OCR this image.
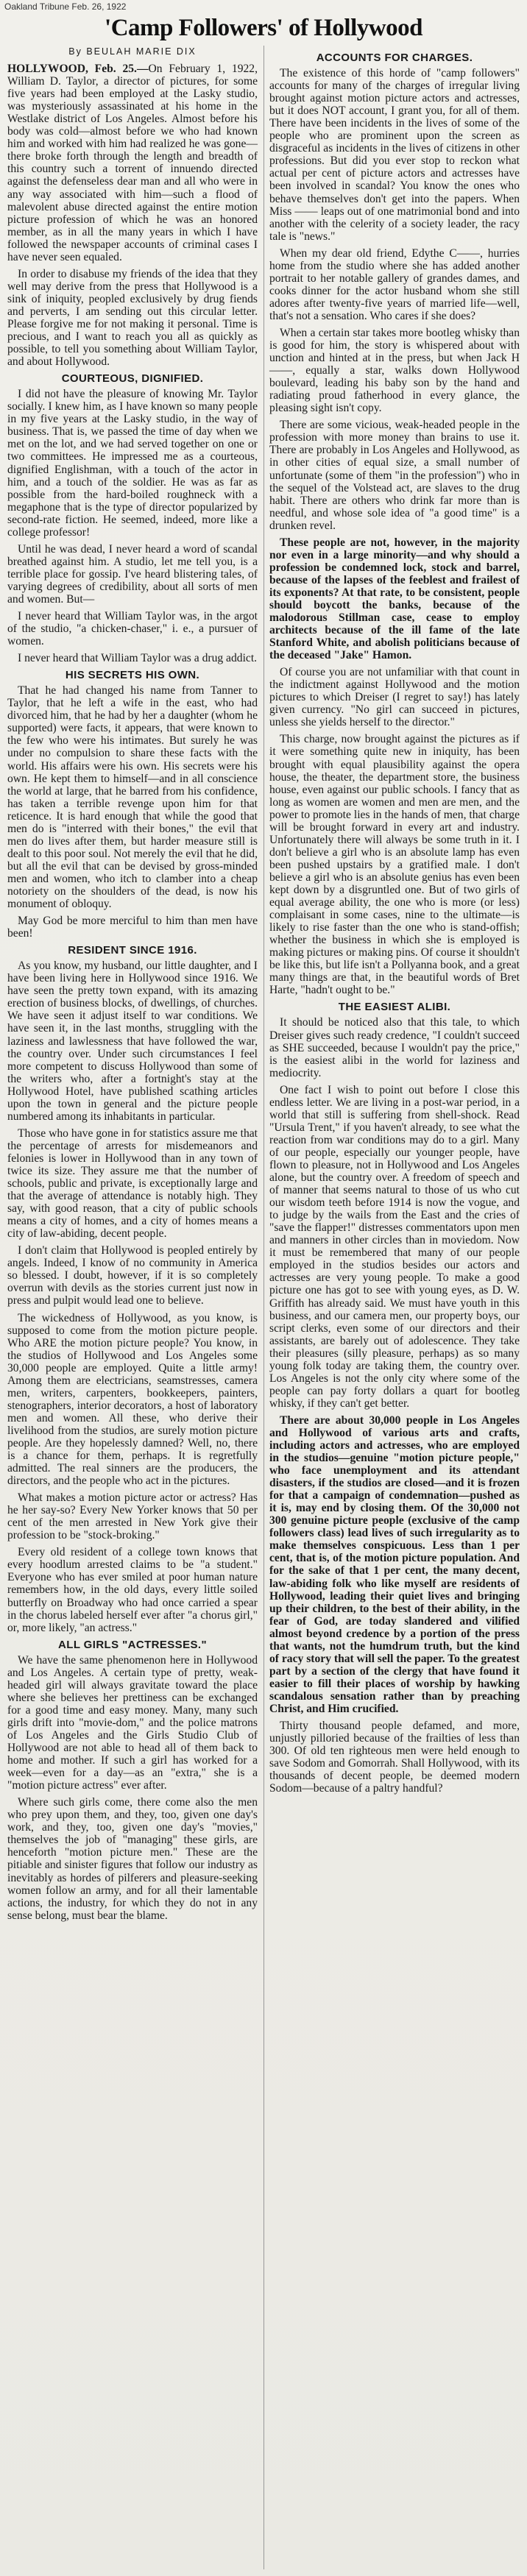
Oakland Tribune Feb. 26, 1922
'Camp Followers' of Hollywood
By BEULAH MARIE DIX

HOLLYWOOD, Feb. 25.—On February 1, 1922, William D. Taylor, a director of pictures, for some five years had been employed at the Lasky studio, was mysteriously assassinated at his home in the Westlake district of Los Angeles. Almost before his body was cold—almost before we who had known him and worked with him had realized he was gone—there broke forth through the length and breadth of this country such a torrent of innuendo directed against the defenseless dear man and all who were in any way associated with him—such a flood of malevolent abuse directed against the entire motion picture profession of which he was an honored member, as in all the many years in which I have followed the newspaper accounts of criminal cases I have never seen equaled.

In order to disabuse my friends of the idea that they well may derive from the press that Hollywood is a sink of iniquity, peopled exclusively by drug fiends and perverts, I am sending out this circular letter. Please forgive me for not making it personal. Time is precious, and I want to reach you all as quickly as possible, to tell you something about William Taylor, and about Hollywood.

COURTEOUS, DIGNIFIED.

I did not have the pleasure of knowing Mr. Taylor socially. I knew him, as I have known so many people in my five years at the Lasky studio, in the way of business. That is, we passed the time of day when we met on the lot, and we had served together on one or two committees. He impressed me as a courteous, dignified Englishman, with a touch of the actor in him, and a touch of the soldier. He was as far as possible from the hard-boiled roughneck with a megaphone that is the type of director popularized by second-rate fiction. He seemed, indeed, more like a college professor!

Until he was dead, I never heard a word of scandal breathed against him. A studio, let me tell you, is a terrible place for gossip. I've heard blistering tales, of varying degrees of credibility, about all sorts of men and women. But—

I never heard that William Taylor was, in the argot of the studio, "a chicken-chaser," i. e., a pursuer of women.

I never heard that William Taylor was a drug addict.

HIS SECRETS HIS OWN.

That he had changed his name from Tanner to Taylor, that he left a wife in the east, who had divorced him, that he had by her a daughter (whom he supported) were facts, it appears, that were known to the few who were his intimates. But surely he was under no compulsion to share these facts with the world. His affairs were his own. His secrets were his own. He kept them to himself—and in all conscience the world at large, that he barred from his confidence, has taken a terrible revenge upon him for that reticence. It is hard enough that while the good that men do is "interred with their bones," the evil that men do lives after them, but harder measure still is dealt to this poor soul. Not merely the evil that he did, but all the evil that can be devised by gross-minded men and women, who itch to clamber into a cheap notoriety on the shoulders of the dead, is now his monument of obloquy.

May God be more merciful to him than men have been!

RESIDENT SINCE 1916.

As you know, my husband, our little daughter, and I have been living here in Hollywood since 1916. We have seen the pretty town expand, with its amazing erection of business blocks, of dwellings, of churches. We have seen it adjust itself to war conditions. We have seen it, in the last months, struggling with the laziness and lawlessness that have followed the war, the country over. Under such circumstances I feel more competent to discuss Hollywood than some of the writers who, after a fortnight's stay at the Hollywood Hotel, have published scathing articles upon the town in general and the picture people numbered among its inhabitants in particular.

Those who have gone in for statistics assure me that the percentage of arrests for misdemeanors and felonies is lower in Hollywood than in any town of twice its size. They assure me that the number of schools, public and private, is exceptionally large and that the average of attendance is notably high. They say, with good reason, that a city of public schools means a city of homes, and a city of homes means a city of law-abiding, decent people.

I don't claim that Hollywood is peopled entirely by angels. Indeed, I know of no community in America so blessed. I doubt, however, if it is so completely overrun with devils as the stories current just now in press and pulpit would lead one to believe.

The wickedness of Hollywood, as you know, is supposed to come from the motion picture people. Who ARE the motion picture people? You know, in the studios of Hollywood and Los Angeles some 30,000 people are employed. Quite a little army! Among them are electricians, seamstresses, camera men, writers, carpenters, bookkeepers, painters, stenographers, interior decorators, a host of laboratory men and women. All these, who derive their livelihood from the studios, are surely motion picture people. Are they hopelessly damned? Well, no, there is a chance for them, perhaps. It is regretfully admitted. The real sinners are the producers, the directors, and the people who act in the pictures.

What makes a motion picture actor or actress? Has he her say-so? Every New Yorker knows that 50 per cent of the men arrested in New York give their profession to be "stock-broking."

Every old resident of a college town knows that every hoodlum arrested claims to be "a student." Everyone who has ever smiled at poor human nature remembers how, in the old days, every little soiled butterfly on Broadway who had once carried a spear in the chorus labeled herself ever after "a chorus girl," or, more likely, "an actress."

ALL GIRLS "ACTRESSES."

We have the same phenomenon here in Hollywood and Los Angeles. A certain type of pretty, weak-headed girl will always gravitate toward the place where she believes her prettiness can be exchanged for a good time and easy money. Many, many such girls drift into "movie-dom," and the police matrons of Los Angeles and the Girls Studio Club of Hollywood are not able to head all of them back to home and mother. If such a girl has worked for a week—even for a day—as an "extra," she is a "motion picture actress" ever after.

Where such girls come, there come also the men who prey upon them, and they, too, given one day's work, and they, too, given one day's "movies," themselves the job of "managing" these girls, are henceforth "motion picture men." These are the pitiable and sinister figures that follow our industry as inevitably as hordes of pilferers and pleasure-seeking women follow an army, and for all their lamentable actions, the industry, for which they do not in any sense belong, must bear the blame.

ACCOUNTS FOR CHARGES.

The existence of this horde of "camp followers" accounts for many of the charges of irregular living brought against motion picture actors and actresses, but it does NOT account, I grant you, for all of them. There have been incidents in the lives of some of the people who are prominent upon the screen as disgraceful as incidents in the lives of citizens in other professions. But did you ever stop to reckon what actual per cent of picture actors and actresses have been involved in scandal? You know the ones who behave themselves don't get into the papers. When Miss —— leaps out of one matrimonial bond and into another with the celerity of a society leader, the racy tale is "news."

When my dear old friend, Edythe C——, hurries home from the studio where she has added another portrait to her notable gallery of grandes dames, and cooks dinner for the actor husband whom she still adores after twenty-five years of married life—well, that's not a sensation. Who cares if she does?

When a certain star takes more bootleg whisky than is good for him, the story is whispered about with unction and hinted at in the press, but when Jack H——, equally a star, walks down Hollywood boulevard, leading his baby son by the hand and radiating proud fatherhood in every glance, the pleasing sight isn't copy.

There are some vicious, weak-headed people in the profession with more money than brains to use it. There are probably in Los Angeles and Hollywood, as in other cities of equal size, a small number of unfortunate (some of them "in the profession") who in the sequel of the Volstead act, are slaves to the drug habit. There are others who drink far more than is needful, and whose sole idea of "a good time" is a drunken revel.

These people are not, however, in the majority nor even in a large minority—and why should a profession be condemned lock, stock and barrel, because of the lapses of the feeblest and frailest of its exponents? At that rate, to be consistent, people should boycott the banks, because of the malodorous Stillman case, cease to employ architects because of the ill fame of the late Stanford White, and abolish politicians because of the deceased "Jake" Hamon.

Of course you are not unfamiliar with that count in the indictment against Hollywood and the motion pictures to which Dreiser (I regret to say!) has lately given currency. "No girl can succeed in pictures, unless she yields herself to the director."

This charge, now brought against the pictures as if it were something quite new in iniquity, has been brought with equal plausibility against the opera house, the theater, the department store, the business house, even against our public schools. I fancy that as long as women are women and men are men, and the power to promote lies in the hands of men, that charge will be brought forward in every art and industry. Unfortunately there will always be some truth in it. I don't believe a girl who is an absolute lamp has even been pushed upstairs by a gratified male. I don't believe a girl who is an absolute genius has even been kept down by a disgruntled one. But of two girls of equal average ability, the one who is more (or less) complaisant in some cases, nine to the ultimate—is likely to rise faster than the one who is stand-offish; whether the business in which she is employed is making pictures or making pins. Of course it shouldn't be like this, but life isn't a Pollyanna book, and a great many things are that, in the beautiful words of Bret Harte, "hadn't ought to be."

THE EASIEST ALIBI.

It should be noticed also that this tale, to which Dreiser gives such ready credence, "I couldn't succeed as SHE succeeded, because I wouldn't pay the price," is the easiest alibi in the world for laziness and mediocrity.

One fact I wish to point out before I close this endless letter. We are living in a post-war period, in a world that still is suffering from shell-shock. Read "Ursula Trent," if you haven't already, to see what the reaction from war conditions may do to a girl. Many of our people, especially our younger people, have flown to pleasure, not in Hollywood and Los Angeles alone, but the country over. A freedom of speech and of manner that seems natural to those of us who cut our wisdom teeth before 1914 is now the vogue, and to judge by the wails from the East and the cries of "save the flapper!" distresses commentators upon men and manners in other circles than in moviedom. Now it must be remembered that many of our people employed in the studios besides our actors and actresses are very young people. To make a good picture one has got to see with young eyes, as D. W. Griffith has already said. We must have youth in this business, and our camera men, our property boys, our script clerks, even some of our directors and their assistants, are barely out of adolescence. They take their pleasures (silly pleasure, perhaps) as so many young folk today are taking them, the country over. Los Angeles is not the only city where some of the people can pay forty dollars a quart for bootleg whisky, if they can't get better.

There are about 30,000 people in Los Angeles and Hollywood of various arts and crafts, including actors and actresses, who are employed in the studios—genuine "motion picture people," who face unemployment and its attendant disasters, if the studios are closed—and it is frozen for that a campaign of condemnation—pushed as it is, may end by closing them. Of the 30,000 not 300 genuine picture people (exclusive of the camp followers class) lead lives of such irregularity as to make themselves conspicuous. Less than 1 per cent, that is, of the motion picture population. And for the sake of that 1 per cent, the many decent, law-abiding folk who like myself are residents of Hollywood, leading their quiet lives and bringing up their children, to the best of their ability, in the fear of God, are today slandered and vilified almost beyond credence by a portion of the press that wants, not the humdrum truth, but the kind of racy story that will sell the paper. To the greatest part by a section of the clergy that have found it easier to fill their places of worship by hawking scandalous sensation rather than by preaching Christ, and Him crucified.

Thirty thousand people defamed, and more, unjustly pilloried because of the frailties of less than 300. Of old ten righteous men were held enough to save Sodom and Gomorrah. Shall Hollywood, with its thousands of decent people, be deemed modern Sodom—because of a paltry handful?
